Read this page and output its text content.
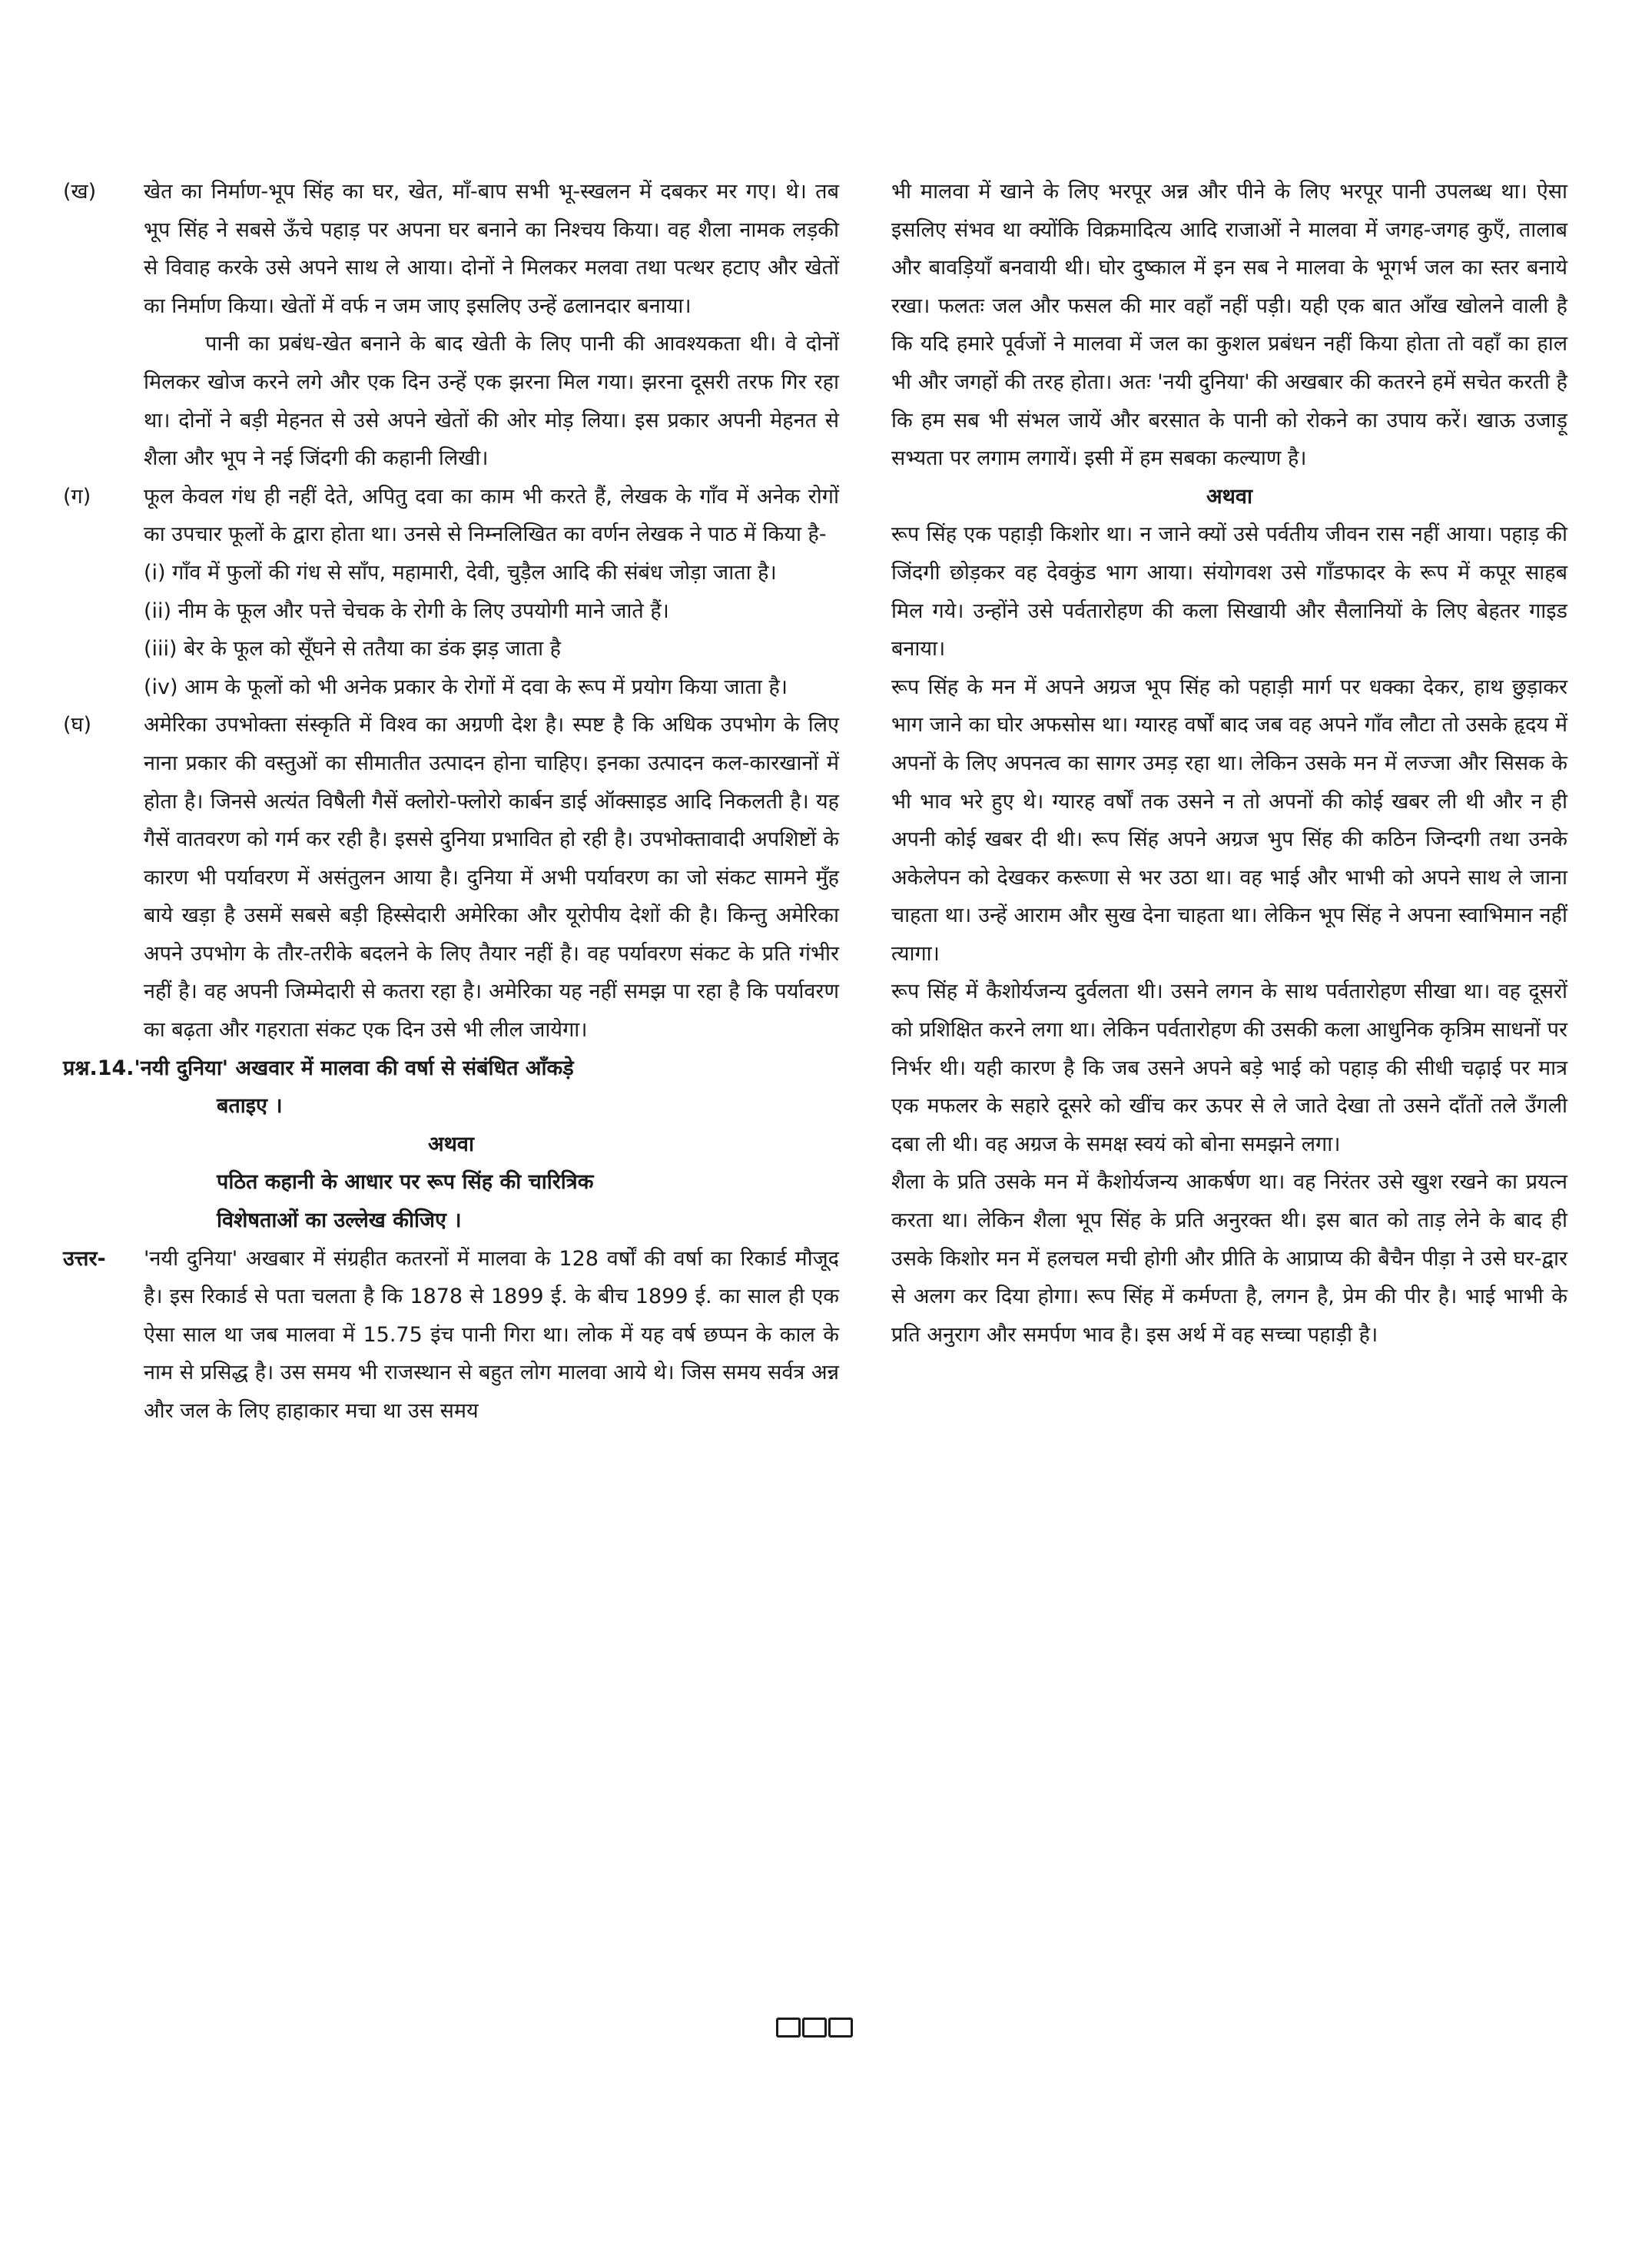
(ख) खेत का निर्माण-भूप सिंह का घर, खेत, माँ-बाप सभी भू-स्खलन में दबकर मर गए। थे। तब भूप सिंह ने सबसे ऊँचे पहाड़ पर अपना घर बनाने का निश्चय किया। वह शैला नामक लड़की से विवाह करके उसे अपने साथ ले आया। दोनों ने मिलकर मलवा तथा पत्थर हटाए और खेतों का निर्माण किया। खेतों में वर्फ न जम जाए इसलिए उन्हें ढलानदार बनाया।

पानी का प्रबंध-खेत बनाने के बाद खेती के लिए पानी की आवश्यकता थी। वे दोनों मिलकर खोज करने लगे और एक दिन उन्हें एक झरना मिल गया। झरना दूसरी तरफ गिर रहा था। दोनों ने बड़ी मेहनत से उसे अपने खेतों की ओर मोड़ लिया। इस प्रकार अपनी मेहनत से शैला और भूप ने नई जिंदगी की कहानी लिखी।

(ग)	फूल केवल गंध ही नहीं देते, अपितु दवा का काम भी करते हैं, लेखक के गाँव में अनेक रोगों का उपचार फूलों के द्वारा होता था। उनसे से निम्नलिखित का वर्णन लेखक ने पाठ में किया है-

(i) गाँव में फुलों की गंध से साँप, महामारी, देवी, चुड़ैल आदि की संबंध जोड़ा जाता है।

(ii) नीम के फूल और पत्ते चेचक के रोगी के लिए उपयोगी माने जाते हैं।

(iii) बेर के फूल को सूँघने से ततैया का डंक झड़ जाता है

(iv) आम के फूलों को भी अनेक प्रकार के रोगों में दवा के रूप में प्रयोग किया जाता है।

(घ)	अमेरिका उपभोक्ता संस्कृति में विश्व का अग्रणी देश है। स्पष्ट है कि अधिक उपभोग के लिए नाना प्रकार की वस्तुओं का सीमातीत उत्पादन होना चाहिए। इनका उत्पादन कल-कारखानों में होता है। जिनसे अत्यंत विषैली गैसें क्लोरो-फ्लोरो कार्बन डाई ऑक्साइड आदि निकलती है। यह गैसें वातवरण को गर्म कर रही है। इससे दुनिया प्रभावित हो रही है। उपभोक्तावादी अपशिष्टों के कारण भी पर्यावरण में असंतुलन आया है। दुनिया में अभी पर्यावरण का जो संकट सामने मुँह बाये खड़ा है उसमें सबसे बड़ी हिस्सेदारी अमेरिका और यूरोपीय देशों की है। किन्तु अमेरिका अपने उपभोग के तौर-तरीके बदलने के लिए तैयार नहीं है। वह पर्यावरण संकट के प्रति गंभीर नहीं है। वह अपनी जिम्मेदारी से कतरा रहा है। अमेरिका यह नहीं समझ पा रहा है कि पर्यावरण का बढ़ता और गहराता संकट एक दिन उसे भी लील जायेगा।

प्रश्न.14.'नयी दुनिया' अखवार में मालवा की वर्षा से संबंधित आँकड़े

बताइए ।

अथवा

पठित कहानी के आधार पर रूप सिंह की चारित्रिक

विशेषताओं का उल्लेख कीजिए ।

उत्तर- 'नयी दुनिया' अखबार में संग्रहीत कतरनों में मालवा के 128 वर्षों की वर्षा का रिकार्ड मौजूद है। इस रिकार्ड से पता चलता है कि 1878 से 1899 ई. के बीच 1899 ई. का साल ही एक ऐसा साल था जब मालवा में 15.75 इंच पानी गिरा था। लोक में यह वर्ष छप्पन के काल के नाम से प्रसिद्ध है। उस समय भी राजस्थान से बहुत लोग मालवा आये थे। जिस समय सर्वत्र अन्न और जल के लिए हाहाकार मचा था उस समय

भी मालवा में खाने के लिए भरपूर अन्न और पीने के लिए भरपूर पानी उपलब्ध था। ऐसा इसलिए संभव था क्योंकि विक्रमादित्य आदि राजाओं ने मालवा में जगह-जगह कुएँ, तालाब और बावड़ियाँ बनवायी थी। घोर दुष्काल में इन सब ने मालवा के भूगर्भ जल का स्तर बनाये रखा। फलतः जल और फसल की मार वहाँ नहीं पड़ी। यही एक बात आँख खोलने वाली है कि यदि हमारे पूर्वजों ने मालवा में जल का कुशल प्रबंधन नहीं किया होता तो वहाँ का हाल भी और जगहों की तरह होता। अतः 'नयी दुनिया' की अखबार की कतरने हमें सचेत करती है कि हम सब भी संभल जायें और बरसात के पानी को रोकने का उपाय करें। खाऊ उजाड़ू सभ्यता पर लगाम लगायें। इसी में हम सबका कल्याण है।

अथवा

रूप सिंह एक पहाड़ी किशोर था। न जाने क्यों उसे पर्वतीय जीवन रास नहीं आया। पहाड़ की जिंदगी छोड़कर वह देवकुंड भाग आया। संयोगवश उसे गाँडफादर के रूप में कपूर साहब मिल गये। उन्होंने उसे पर्वतारोहण की कला सिखायी और सैलानियों के लिए बेहतर गाइड बनाया।

रूप सिंह के मन में अपने अग्रज भूप सिंह को पहाड़ी मार्ग पर धक्का देकर, हाथ छुड़ाकर भाग जाने का घोर अफसोस था। ग्यारह वर्षों बाद जब वह अपने गाँव लौटा तो उसके हृदय में अपनों के लिए अपनत्व का सागर उमड़ रहा था। लेकिन उसके मन में लज्जा और सिसक के भी भाव भरे हुए थे। ग्यारह वर्षों तक उसने न तो अपनों की कोई खबर ली थी और न ही अपनी कोई खबर दी थी। रूप सिंह अपने अग्रज भुप सिंह की कठिन जिन्दगी तथा उनके अकेलेपन को देखकर करूणा से भर उठा था। वह भाई और भाभी को अपने साथ ले जाना चाहता था। उन्हें आराम और सुख देना चाहता था। लेकिन भूप सिंह ने अपना स्वाभिमान नहीं त्यागा।

रूप सिंह में कैशोर्यजन्य दुर्वलता थी। उसने लगन के साथ पर्वतारोहण सीखा था। वह दूसरों को प्रशिक्षित करने लगा था। लेकिन पर्वतारोहण की उसकी कला आधुनिक कृत्रिम साधनों पर निर्भर थी। यही कारण है कि जब उसने अपने बड़े भाई को पहाड़ की सीधी चढ़ाई पर मात्र एक मफलर के सहारे दूसरे को खींच कर ऊपर से ले जाते देखा तो उसने दाँतों तले उँगली दबा ली थी। वह अग्रज के समक्ष स्वयं को बोना समझने लगा।

शैला के प्रति उसके मन में कैशोर्यजन्य आकर्षण था। वह निरंतर उसे खुश रखने का प्रयत्न करता था। लेकिन शैला भूप सिंह के प्रति अनुरक्त थी। इस बात को ताड़ लेने के बाद ही उसके किशोर मन में हलचल मची होगी और प्रीति के आप्राप्य की बैचैन पीड़ा ने उसे घर-द्वार से अलग कर दिया होगा। रूप सिंह में कर्मण्ता है, लगन है, प्रेम की पीर है। भाई भाभी के प्रति अनुराग और समर्पण भाव है। इस अर्थ में वह सच्चा पहाड़ी है।
